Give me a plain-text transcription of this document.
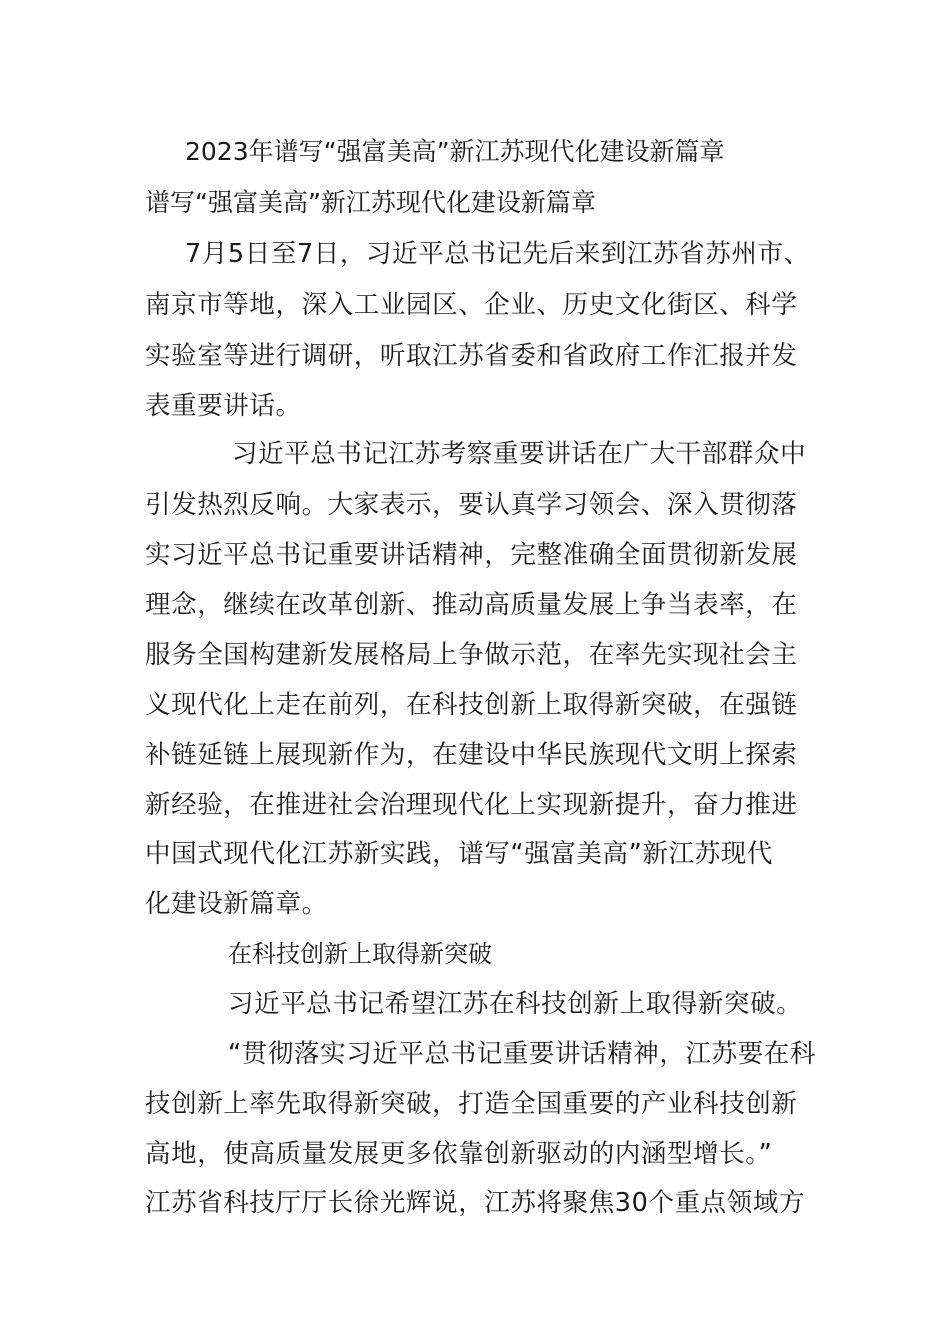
2023年谱写“强富美高”新江苏现代化建设新篇章

谱写“强富美高”新江苏现代化建设新篇章

7月5日至7日，习近平总书记先后来到江苏省苏州市、

南京市等地，深入工业园区、企业、历史文化街区、科学

实验室等进行调研，听取江苏省委和省政府工作汇报并发

表重要讲话。

习近平总书记江苏考察重要讲话在广大干部群众中

引发热烈反响。大家表示，要认真学习领会、深入贯彻落

实习近平总书记重要讲话精神，完整准确全面贯彻新发展

理念，继续在改革创新、推动高质量发展上争当表率，在

服务全国构建新发展格局上争做示范，在率先实现社会主

义现代化上走在前列，在科技创新上取得新突破，在强链

补链延链上展现新作为，在建设中华民族现代文明上探索

新经验，在推进社会治理现代化上实现新提升，奋力推进

中国式现代化江苏新实践，谱写“强富美高”新江苏现代

化建设新篇章。

在科技创新上取得新突破

习近平总书记希望江苏在科技创新上取得新突破。

“贯彻落实习近平总书记重要讲话精神，江苏要在科

技创新上率先取得新突破，打造全国重要的产业科技创新

高地，使高质量发展更多依靠创新驱动的内涵型增长。”

江苏省科技厅厅长徐光辉说，江苏将聚焦30个重点领域方
